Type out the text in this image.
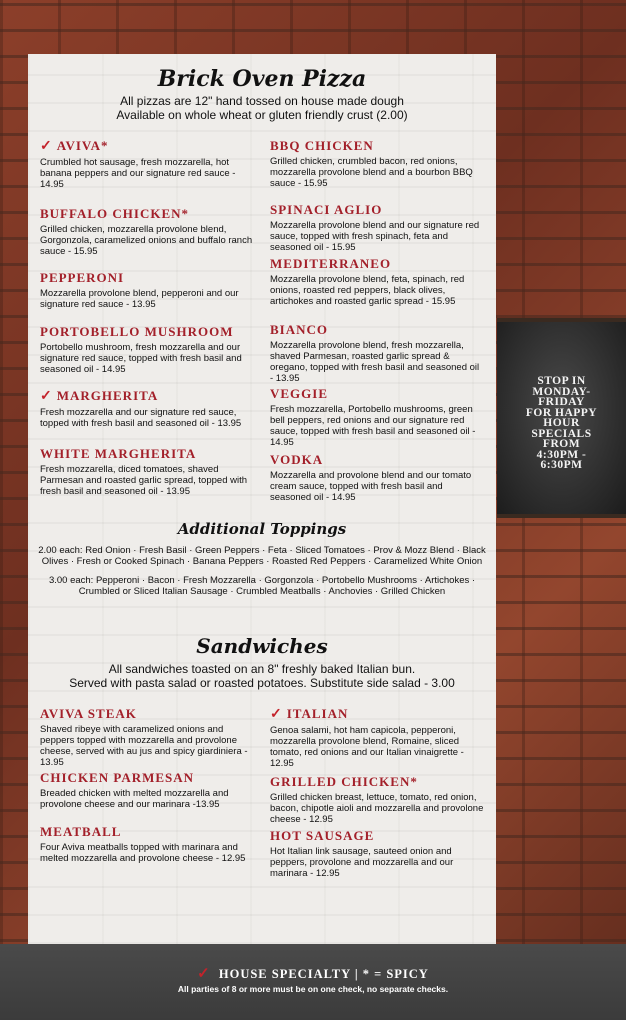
Brick Oven Pizza
All pizzas are 12" hand tossed on house made dough
Available on whole wheat or gluten friendly crust (2.00)
✓ AVIVA*
Crumbled hot sausage, fresh mozzarella, hot banana peppers and our signature red sauce - 14.95
BUFFALO CHICKEN*
Grilled chicken, mozzarella provolone blend, Gorgonzola, caramelized onions and buffalo ranch sauce - 15.95
PEPPERONI
Mozzarella provolone blend, pepperoni and our signature red sauce - 13.95
PORTOBELLO MUSHROOM
Portobello mushroom, fresh mozzarella and our signature red sauce, topped with fresh basil and seasoned oil - 14.95
✓ MARGHERITA
Fresh mozzarella and our signature red sauce, topped with fresh basil and seasoned oil - 13.95
WHITE MARGHERITA
Fresh mozzarella, diced tomatoes, shaved Parmesan and roasted garlic spread, topped with fresh basil and seasoned oil - 13.95
BBQ CHICKEN
Grilled chicken, crumbled bacon, red onions, mozzarella provolone blend and a bourbon BBQ sauce - 15.95
SPINACI AGLIO
Mozzarella provolone blend and our signature red sauce, topped with fresh spinach, feta and seasoned oil - 15.95
MEDITERRANEO
Mozzarella provolone blend, feta, spinach, red onions, roasted red peppers, black olives, artichokes and roasted garlic spread - 15.95
BIANCO
Mozzarella provolone blend, fresh mozzarella, shaved Parmesan, roasted garlic spread & oregano, topped with fresh basil and seasoned oil - 13.95
VEGGIE
Fresh mozzarella, Portobello mushrooms, green bell peppers, red onions and our signature red sauce, topped with fresh basil and seasoned oil - 14.95
VODKA
Mozzarella and provolone blend and our tomato cream sauce, topped with fresh basil and seasoned oil - 14.95
Additional Toppings
2.00 each: Red Onion · Fresh Basil · Green Peppers · Feta · Sliced Tomatoes · Prov & Mozz Blend · Black Olives · Fresh or Cooked Spinach · Banana Peppers · Roasted Red Peppers · Caramelized White Onion
3.00 each: Pepperoni · Bacon · Fresh Mozzarella · Gorgonzola · Portobello Mushrooms · Artichokes · Crumbled or Sliced Italian Sausage · Crumbled Meatballs · Anchovies · Grilled Chicken
Sandwiches
All sandwiches toasted on an 8" freshly baked Italian bun.
Served with pasta salad or roasted potatoes. Substitute side salad - 3.00
AVIVA STEAK
Shaved ribeye with caramelized onions and peppers topped with mozzarella and provolone cheese, served with au jus and spicy giardiniera - 13.95
CHICKEN PARMESAN
Breaded chicken with melted mozzarella and provolone cheese and our marinara -13.95
MEATBALL
Four Aviva meatballs topped with marinara and melted mozzarella and provolone cheese - 12.95
✓ ITALIAN
Genoa salami, hot ham capicola, pepperoni, mozzarella provolone blend, Romaine, sliced tomato, red onions and our Italian vinaigrette - 12.95
GRILLED CHICKEN*
Grilled chicken breast, lettuce, tomato, red onion, bacon, chipotle aioli and mozzarella and provolone cheese - 12.95
HOT SAUSAGE
Hot Italian link sausage, sauteed onion and peppers, provolone and mozzarella and our marinara - 12.95
STOP IN
MONDAY-
FRIDAY
FOR HAPPY
HOUR
SPECIALS
FROM
4:30PM -
6:30PM
✓ HOUSE SPECIALTY | * = SPICY
All parties of 8 or more must be on one check, no separate checks.
